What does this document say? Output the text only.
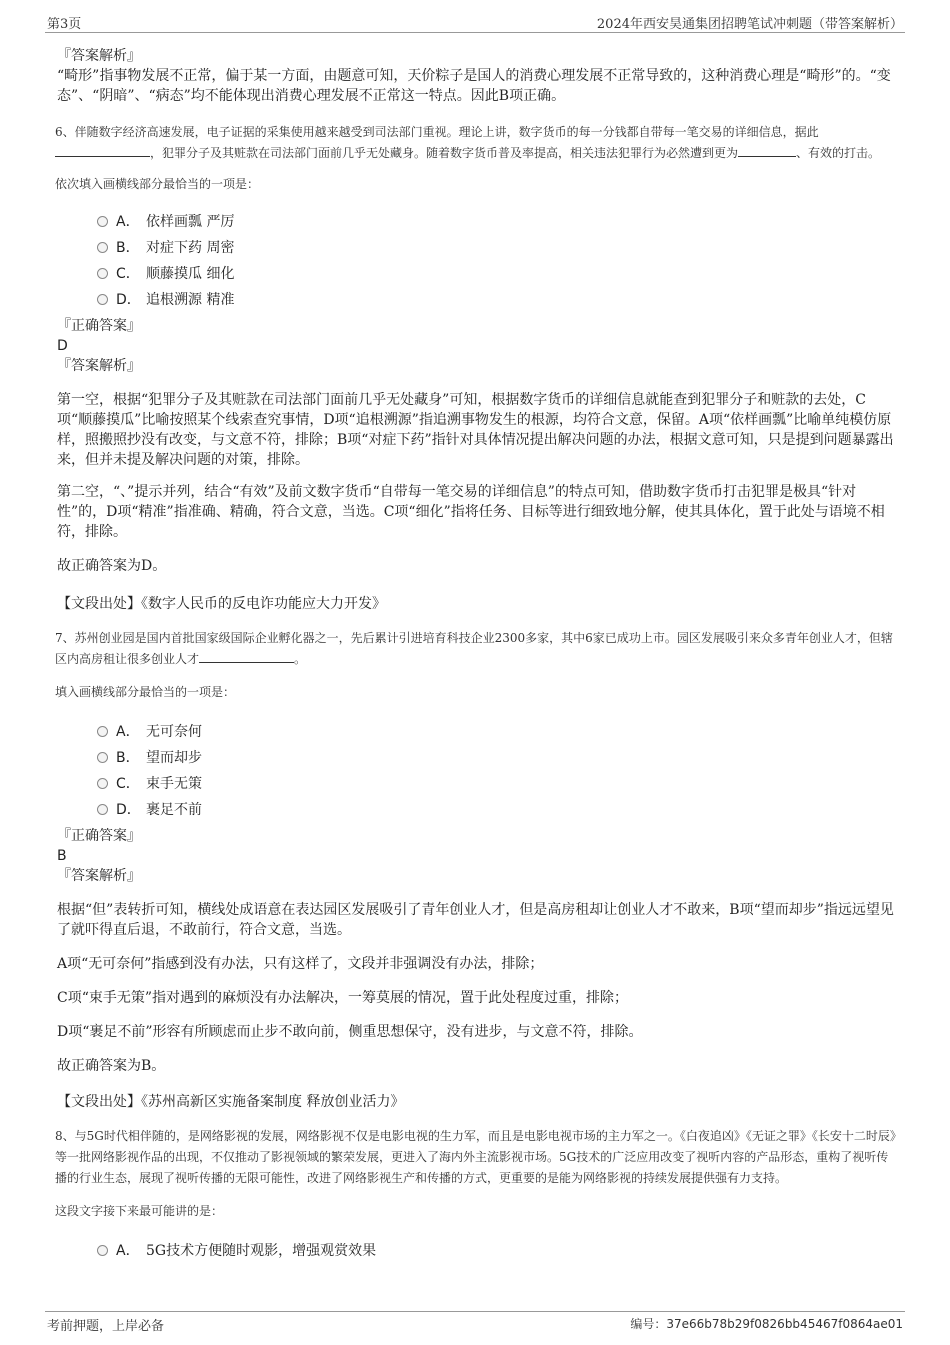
第3页	2024年西安昊通集团招聘笔试冲刺题（带答案解析）
『答案解析』

“畸形”指事物发展不正常，偏于某一方面，由题意可知，天价粽子是国人的消费心理发展不正常导致的，这种消费心理是“畸形”的。“变态”、“阴暗”、“病态”均不能体现出消费心理发展不正常这一特点。因此B项正确。

6、伴随数字经济高速发展，电子证据的采集使用越来越受到司法部门重视。理论上讲，数字货币的每一分钱都自带每一笔交易的详细信息，据此，犯罪分子及其赃款在司法部门面前几乎无处藏身。随着数字货币普及率提高，相关违法犯罪行为必然遭到更为	、有效的打击。

依次填入画横线部分最恰当的一项是：
A． 依样画瓢 严厉
B． 对症下药 周密
C． 顺藤摸瓜 细化
D． 追根溯源 精准
『正确答案』
D
『答案解析』

第一空，根据“犯罪分子及其赃款在司法部门面前几乎无处藏身”可知，根据数字货币的详细信息就能查到犯罪分子和赃款的去处，C项“顺藤摸瓜”比喻按照某个线索查究事情，D项“追根溯源”指追溯事物发生的根源，均符合文意，保留。A项“依样画瓢”比喻单纯模仿原样，照搬照抄没有改变，与文意不符，排除；B项“对症下药”指针对具体情况提出解决问题的办法，根据文意可知，只是提到问题暴露出来，但并未提及解决问题的对策，排除。

第二空，“、”提示并列，结合“有效”及前文数字货币“自带每一笔交易的详细信息”的特点可知，借助数字货币打击犯罪是极具“针对性”的，D项“精准”指准确、精确，符合文意，当选。C项“细化”指将任务、目标等进行细致地分解，使其具体化，置于此处与语境不相符，排除。

故正确答案为D。

【文段出处】《数字人民币的反电诈功能应大力开发》

7、苏州创业园是国内首批国家级国际企业孵化器之一，先后累计引进培育科技企业2300多家，其中6家已成功上市。园区发展吸引来众多青年创业人才，但辖区内高房租让很多创业人才	。

填入画横线部分最恰当的一项是：
A． 无可奈何
B． 望而却步
C． 束手无策
D． 裹足不前
『正确答案』
B
『答案解析』

根据“但”表转折可知，横线处成语意在表达园区发展吸引了青年创业人才，但是高房租却让创业人才不敢来，B项“望而却步”指远远望见了就吓得直后退，不敢前行，符合文意，当选。

A项“无可奈何”指感到没有办法，只有这样了，文段并非强调没有办法，排除；

C项“束手无策”指对遇到的麻烦没有办法解决，一筹莫展的情况，置于此处程度过重，排除；

D项“裹足不前”形容有所顾虑而止步不敢向前，侧重思想保守，没有进步，与文意不符，排除。

故正确答案为B。

【文段出处】《苏州高新区实施备案制度 释放创业活力》

8、与5G时代相伴随的，是网络影视的发展，网络影视不仅是电影电视的生力军，而且是电影电视市场的主力军之一。《白夜追凶》《无证之罪》《长安十二时辰》等一批网络影视作品的出现，不仅推动了影视领域的繁荣发展，更进入了海内外主流影视市场。5G技术的广泛应用改变了视听内容的产品形态，重构了视听传播的行业生态，展现了视听传播的无限可能性，改进了网络影视生产和传播的方式，更重要的是能为网络影视的持续发展提供强有力支持。

这段文字接下来最可能讲的是：
A． 5G技术方便随时观影，增强观赏效果
考前押题，上岸必备	编号：37e66b78b29f0826bb45467f0864ae01
